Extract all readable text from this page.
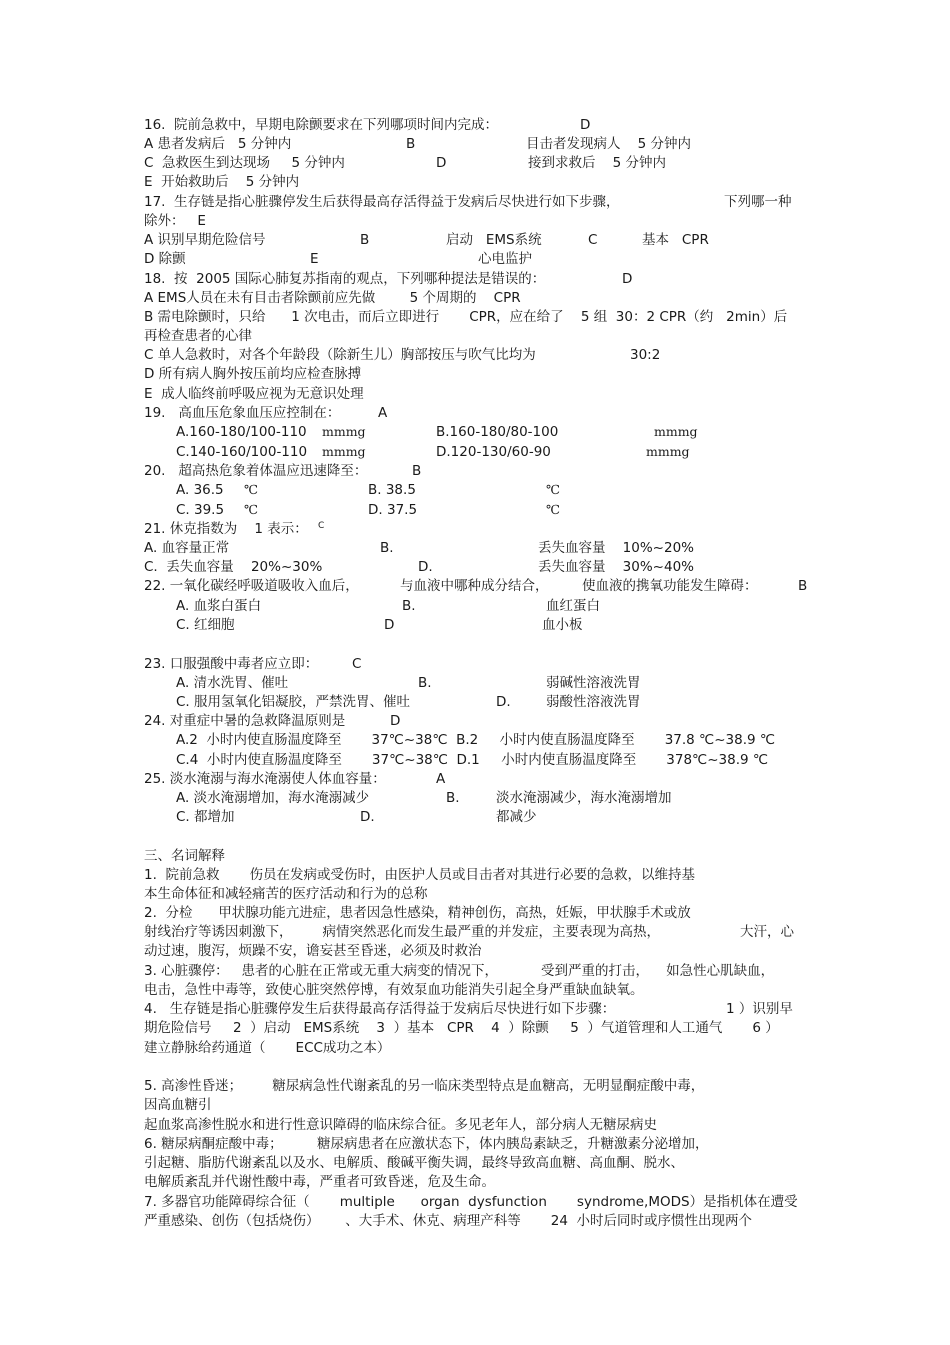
16.  院前急救中，早期电除颤要求在下列哪项时间内完成：	D
A 患者发病后   5 分钟内	B	目击者发现病人    5 分钟内
C  急救医生到达现场     5 分钟内	D	接到求救后    5 分钟内
E  开始救助后    5 分钟内
17.  生存链是指心脏骤停发生后获得最高存活得益于发病后尽快进行如下步骤，	下列哪一种
除外：   E
A 识别早期危险信号	B	启动   EMS系统	C	基本   CPR
D 除颤	E	心电监护
18.  按  2005 国际心肺复苏指南的观点，下列哪种提法是错误的：	D
A EMS人员在未有目击者除颤前应先做        5 个周期的    CPR
B 需电除颤时，只给      1 次电击，而后立即进行       CPR，应在给了    5 组  30：2 CPR（约   2min）后
再检查患者的心律
C 单人急救时，对各个年龄段（除新生儿）胸部按压与吹气比均为	30:2
D 所有病人胸外按压前均应检查脉搏
E  成人临终前呼吸应视为无意识处理
19.   高血压危象血压应控制在：	A
A.160-180/100-110 mmmg	B.160-180/80-100	mmmg
C.140-160/100-110 mmmg	D.120-130/60-90	mmmg
20.   超高热危象着体温应迅速降至：	B
A. 36.5 ℃	B. 38.5	℃
C. 39.5 ℃	D. 37.5	℃
21. 休克指数为    1 表示： C
A. 血容量正常	B.	丢失血容量    10%~20%
C.  丢失血容量    20%~30%	D.	丢失血容量    30%~40%
22. 一氧化碳经呼吸道吸收入血后，	与血液中哪种成分结合， 使血液的携氧功能发生障碍：	B
A. 血浆白蛋白	B.	血红蛋白
C. 红细胞	D	血小板
23. 口服强酸中毒者应立即： C
A. 清水洗胃、催吐	B.	弱碱性溶液洗胃
C. 服用氢氧化铝凝胶，严禁洗胃、催吐	D.	弱酸性溶液洗胃
24. 对重症中暑的急救降温原则是	D
A.2  小时内使直肠温度降至       37℃~38℃  B.2     小时内使直肠温度降至       37.8 ℃~38.9 ℃
C.4  小时内使直肠温度降至       37℃~38℃  D.1     小时内使直肠温度降至       378℃~38.9 ℃
25. 淡水淹溺与海水淹溺使人体血容量：	A
A. 淡水淹溺增加，海水淹溺减少	B.	淡水淹溺减少，海水淹溺增加
C. 都增加	D.	都减少
三、名词解释
1.  院前急救       伤员在发病或受伤时，由医护人员或目击者对其进行必要的急救，以维持基
本生命体征和减轻痛苦的医疗活动和行为的总称
2.  分检      甲状腺功能亢进症，患者因急性感染，精神创伤，高热，妊娠，甲状腺手术或放
射线治疗等诱因刺激下，       病情突然恶化而发生最严重的并发症，主要表现为高热，	大汗，心
动过速，腹泻，烦躁不安，谵妄甚至昏迷，必须及时救治
3. 心脏骤停：   患者的心脏在正常或无重大病变的情况下，          受到严重的打击，    如急性心肌缺血，
电击，急性中毒等，致使心脏突然停博，有效泵血功能消失引起全身严重缺血缺氧。
4.   生存链是指心脏骤停发生后获得最高存活得益于发病后尽快进行如下步骤：	1 ）识别早
期危险信号     2  ）启动   EMS系统    3  ）基本   CPR    4  ）除颤     5  ）气道管理和人工通气       6 ）
建立静脉给药通道（       ECC成功之本）
5. 高渗性昏迷；       糖尿病急性代谢紊乱的另一临床类型特点是血糖高，无明显酮症酸中毒，
因高血糖引
起血浆高渗性脱水和进行性意识障碍的临床综合征。多见老年人，部分病人无糖尿病史
6. 糖尿病酮症酸中毒；        糖尿病患者在应激状态下，体内胰岛素缺乏，升糖激素分泌增加，
引起糖、脂肪代谢紊乱以及水、电解质、酸碱平衡失调，最终导致高血糖、高血酮、脱水、
电解质紊乱并代谢性酸中毒，严重者可致昏迷，危及生命。
7. 多器官功能障碍综合征（       multiple      organ  dysfunction       syndrome,MODS）是指机体在遭受
严重感染、创伤（包括烧伤）      、大手术、休克、病理产科等       24  小时后同时或序惯性出现两个
